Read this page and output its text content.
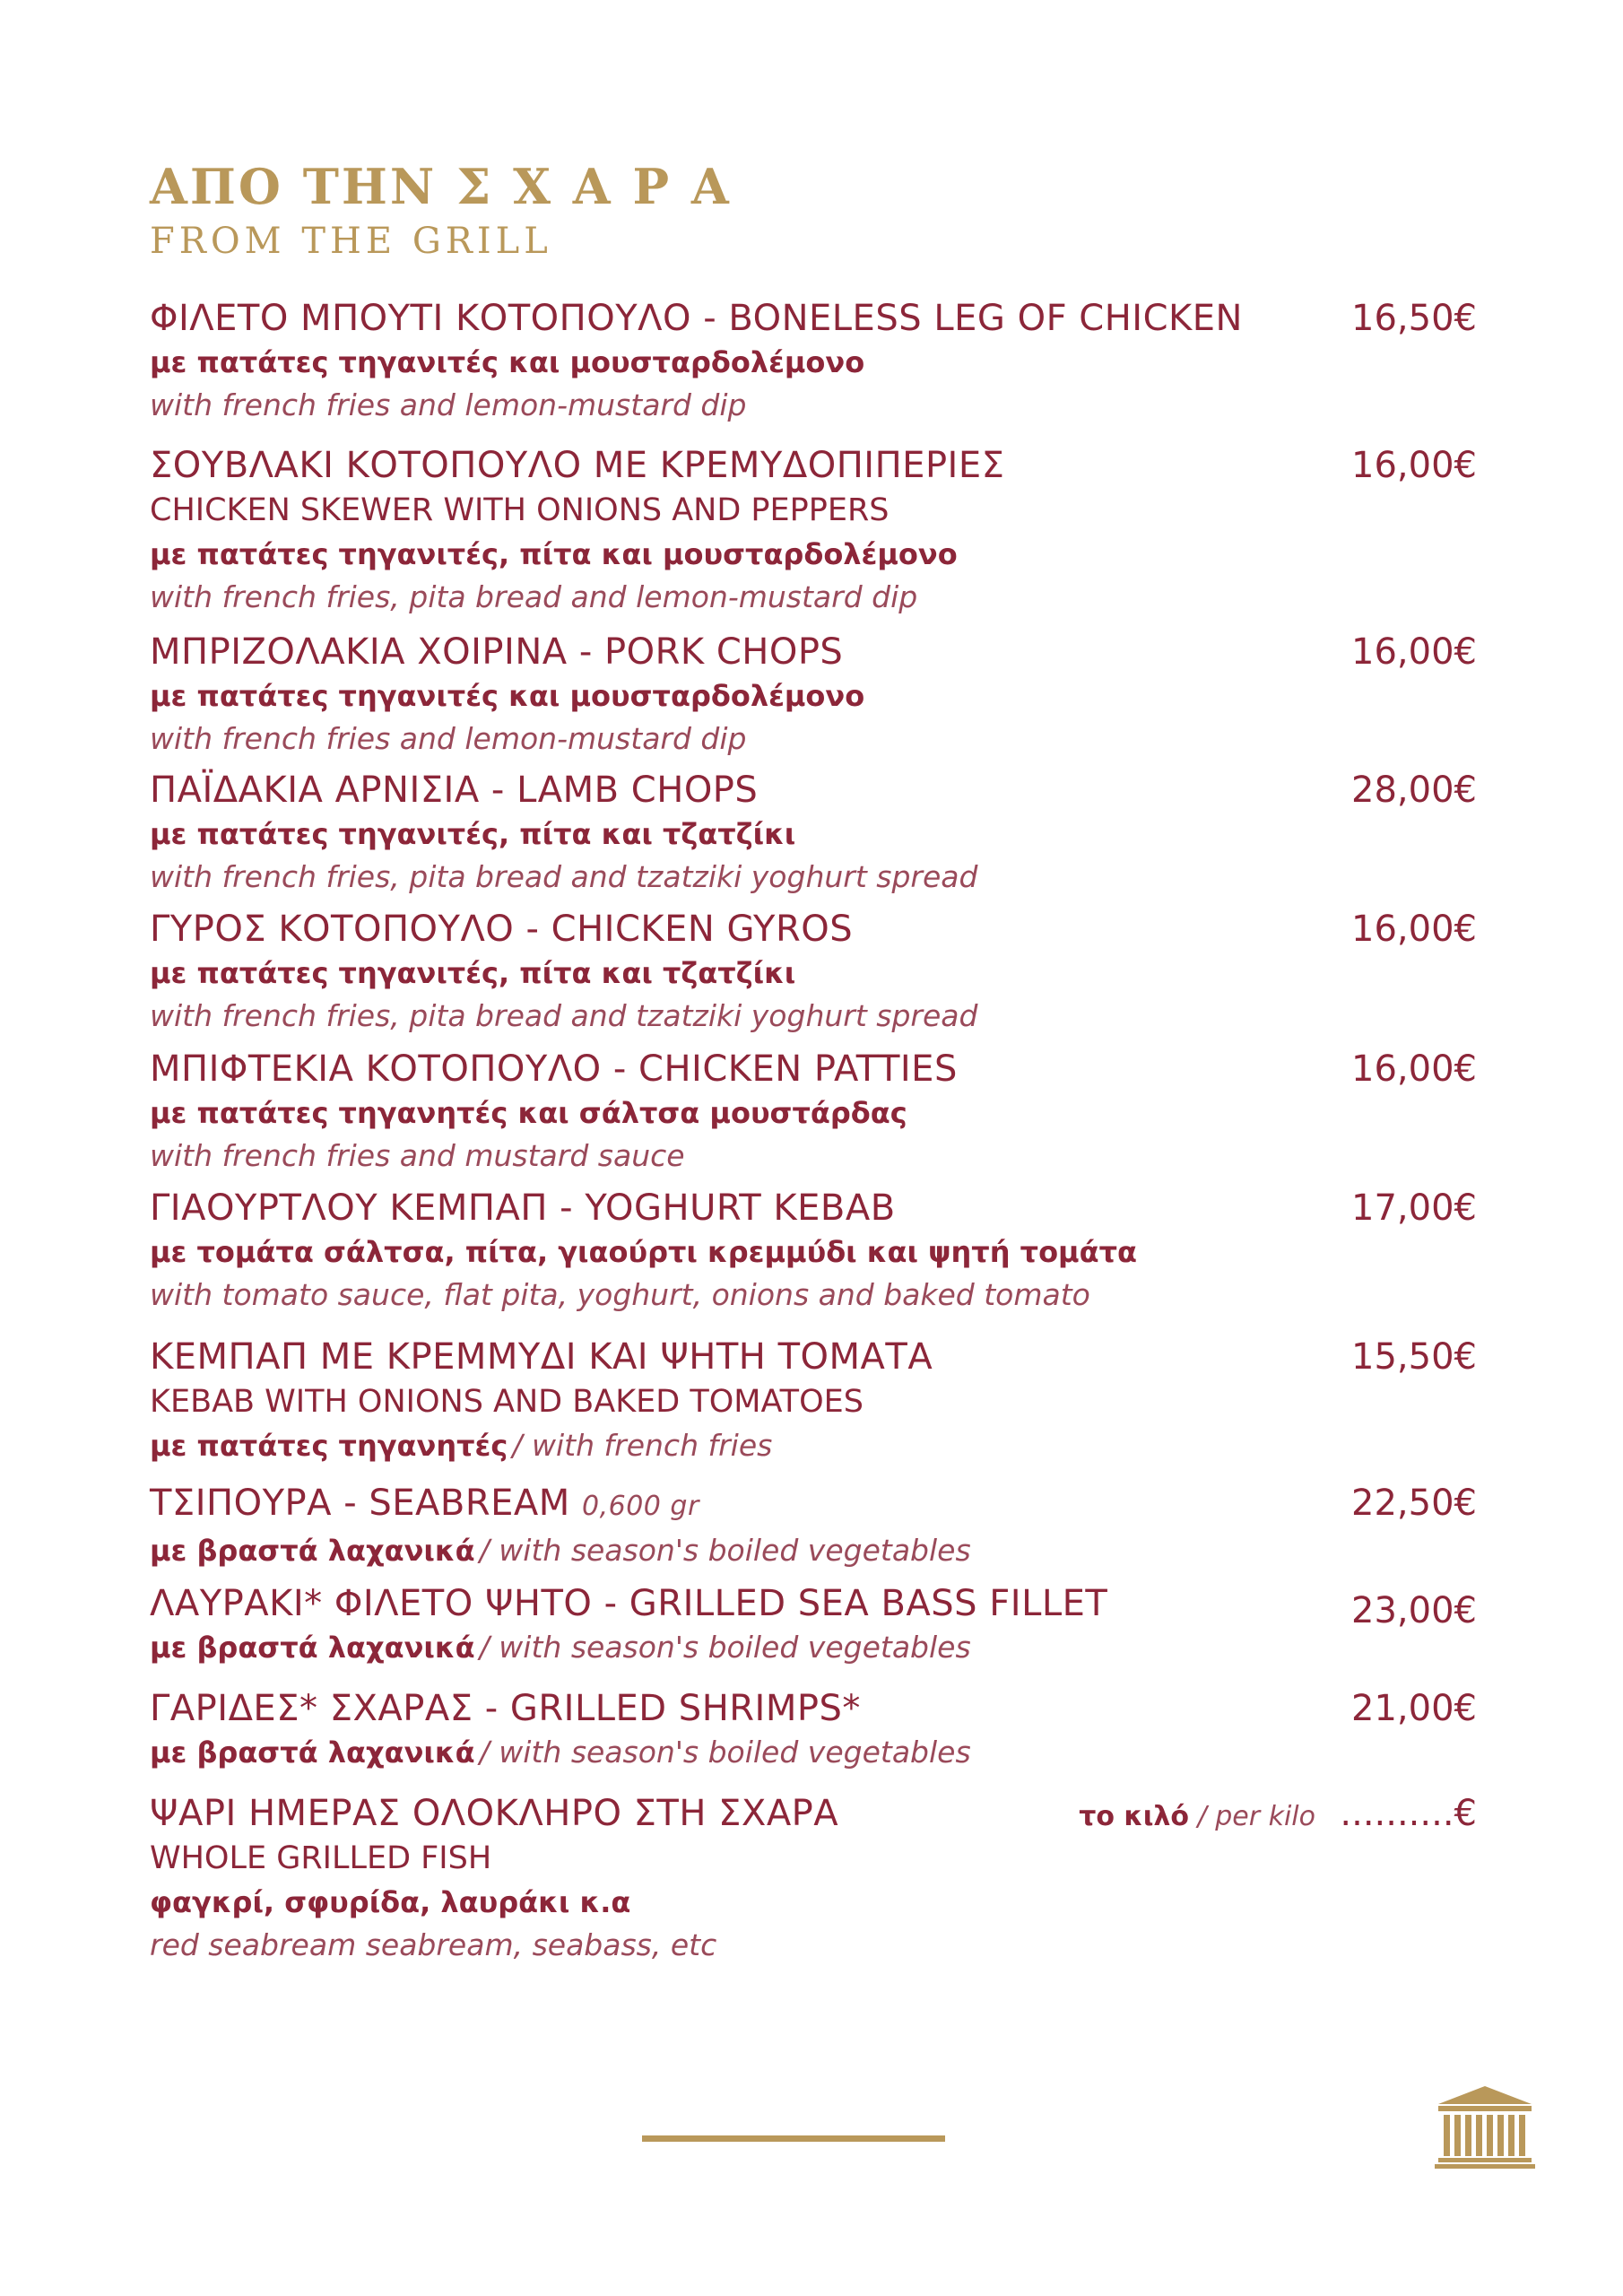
ΑΠΟ ΤΗΝ Σ Χ Α Ρ Α
FROM THE GRILL
ΦΙΛΕΤΟ ΜΠΟΥΤΙ ΚΟΤΟΠΟΥΛΟ - BONELESS LEG OF CHICKEN	16,50€
με πατάτες τηγανιτές και μουσταρδολέμονο
with french fries and lemon-mustard dip
ΣΟΥΒΛΑΚΙ ΚΟΤΟΠΟΥΛΟ ΜΕ ΚΡΕΜΥΔΟΠΙΠΕΡΙΕΣ	16,00€
CHICKEN SKEWER WITH ONIONS AND PEPPERS
με πατάτες τηγανιτές, πίτα και μουσταρδολέμονο
with french fries, pita bread and lemon-mustard dip
ΜΠΡΙΖΟΛΑΚΙΑ ΧΟΙΡΙΝΑ - PORK CHOPS	16,00€
με πατάτες τηγανιτές και μουσταρδολέμονο
with french fries and lemon-mustard dip
ΠΑΪΔΑΚΙΑ ΑΡΝΙΣΙΑ - LAMB CHOPS	28,00€
με πατάτες τηγανιτές, πίτα και τζατζίκι
with french fries, pita bread and tzatziki yoghurt spread
ΓΥΡΟΣ ΚΟΤΟΠΟΥΛΟ - CHICKEN GYROS	16,00€
με πατάτες τηγανιτές, πίτα και τζατζίκι
with french fries, pita bread and tzatziki yoghurt spread
ΜΠΙΦΤΕΚΙΑ ΚΟΤΟΠΟΥΛΟ - CHICKEN PATTIES	16,00€
με πατάτες τηγανητές και σάλτσα μουστάρδας
with french fries and mustard sauce
ΓΙΑΟΥΡΤΛΟΥ ΚΕΜΠΑΠ - YOGHURT KEBAB	17,00€
με τομάτα σάλτσα, πίτα, γιαούρτι κρεμμύδι και ψητή τομάτα
with tomato sauce, flat pita, yoghurt, onions and baked tomato
ΚΕΜΠΑΠ ΜΕ ΚΡΕΜΜΥΔΙ ΚΑΙ ΨΗΤΗ ΤΟΜΑΤΑ	15,50€
KEBAB WITH ONIONS AND BAKED TOMATOES
με πατάτες τηγανητές / with french fries
ΤΣΙΠΟΥΡΑ - SEABREAM 0,600 gr	22,50€
με βραστά λαχανικά / with season's boiled vegetables
ΛΑΥΡΑΚΙ* ΦΙΛΕΤΟ ΨΗΤΟ - GRILLED SEA BASS FILLET	23,00€
με βραστά λαχανικά / with season's boiled vegetables
ΓΑΡΙΔΕΣ* ΣΧΑΡΑΣ - GRILLED SHRIMPS*	21,00€
με βραστά λαχανικά / with season's boiled vegetables
ΨΑΡΙ ΗΜΕΡΑΣ ΟΛΟΚΛΗΡΟ ΣΤΗ ΣΧΑΡΑ	το κιλό / per kilo ..........€
WHOLE GRILLED FISH
φαγκρί, σφυρίδα, λαυράκι κ.α
red seabream seabream, seabass, etc
